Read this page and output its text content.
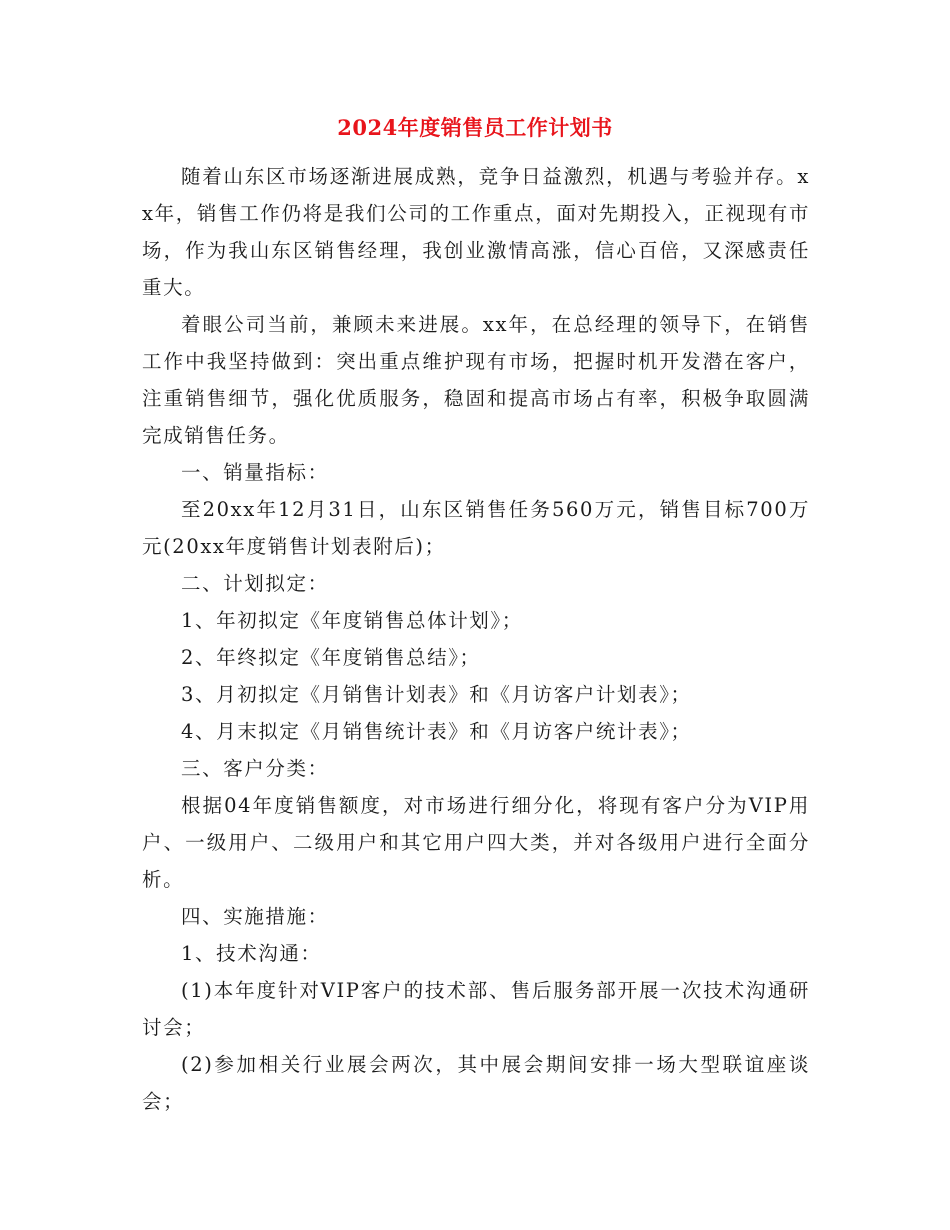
2024年度销售员工作计划书

随着山东区市场逐渐进展成熟，竞争日益激烈，机遇与考验并存。xx年，销售工作仍将是我们公司的工作重点，面对先期投入，正视现有市场，作为我山东区销售经理，我创业激情高涨，信心百倍，又深感责任重大。

着眼公司当前，兼顾未来进展。xx年，在总经理的领导下，在销售工作中我坚持做到：突出重点维护现有市场，把握时机开发潜在客户，注重销售细节，强化优质服务，稳固和提高市场占有率，积极争取圆满完成销售任务。

一、销量指标：

至20xx年12月31日，山东区销售任务560万元，销售目标700万元(20xx年度销售计划表附后)；

二、计划拟定：

1、年初拟定《年度销售总体计划》；

2、年终拟定《年度销售总结》；

3、月初拟定《月销售计划表》和《月访客户计划表》；

4、月末拟定《月销售统计表》和《月访客户统计表》；

三、客户分类：

根据04年度销售额度，对市场进行细分化，将现有客户分为VIP用户、一级用户、二级用户和其它用户四大类，并对各级用户进行全面分析。

四、实施措施：

1、技术沟通：

(1)本年度针对VIP客户的技术部、售后服务部开展一次技术沟通研讨会；

(2)参加相关行业展会两次，其中展会期间安排一场大型联谊座谈会；
